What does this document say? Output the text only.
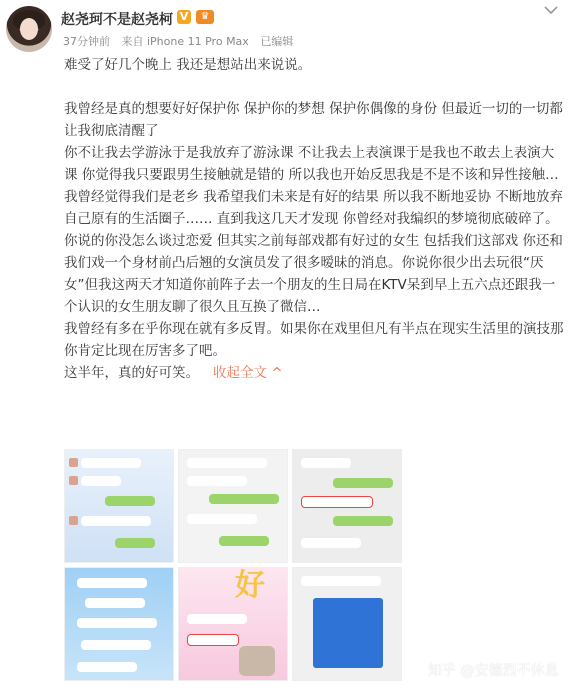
赵尧珂不是赵尧柯 V	♛
37分钟前 来自 iPhone 11 Pro Max 已编辑

难受了好几个晚上 我还是想站出来说说。

我曾经是真的想要好好保护你 保护你的梦想 保护你偶像的身份 但最近一切的一切都让我彻底清醒了

你不让我去学游泳于是我放弃了游泳课 不让我去上表演课于是我也不敢去上表演大课 你觉得我只要跟男生接触就是错的 所以我也开始反思我是不是不该和异性接触…

我曾经觉得我们是老乡 我希望我们未来是有好的结果 所以我不断地妥协 不断地放弃自己原有的生活圈子…… 直到我这几天才发现 你曾经对我编织的梦境彻底破碎了。

你说的你没怎么谈过恋爱 但其实之前每部戏都有好过的女生 包括我们这部戏 你还和我们戏一个身材前凸后翘的女演员发了很多暧昧的消息。你说你很少出去玩很“厌女”但我这两天才知道你前阵子去一个朋友的生日局在KTV呆到早上五六点还跟我一个认识的女生朋友聊了很久且互换了微信…

我曾经有多在乎你现在就有多反胃。如果你在戏里但凡有半点在现实生活里的演技那你肯定比现在厉害多了吧。

这半年，真的好可笑。 收起全文 ^

好
知乎 @安德烈不休息
